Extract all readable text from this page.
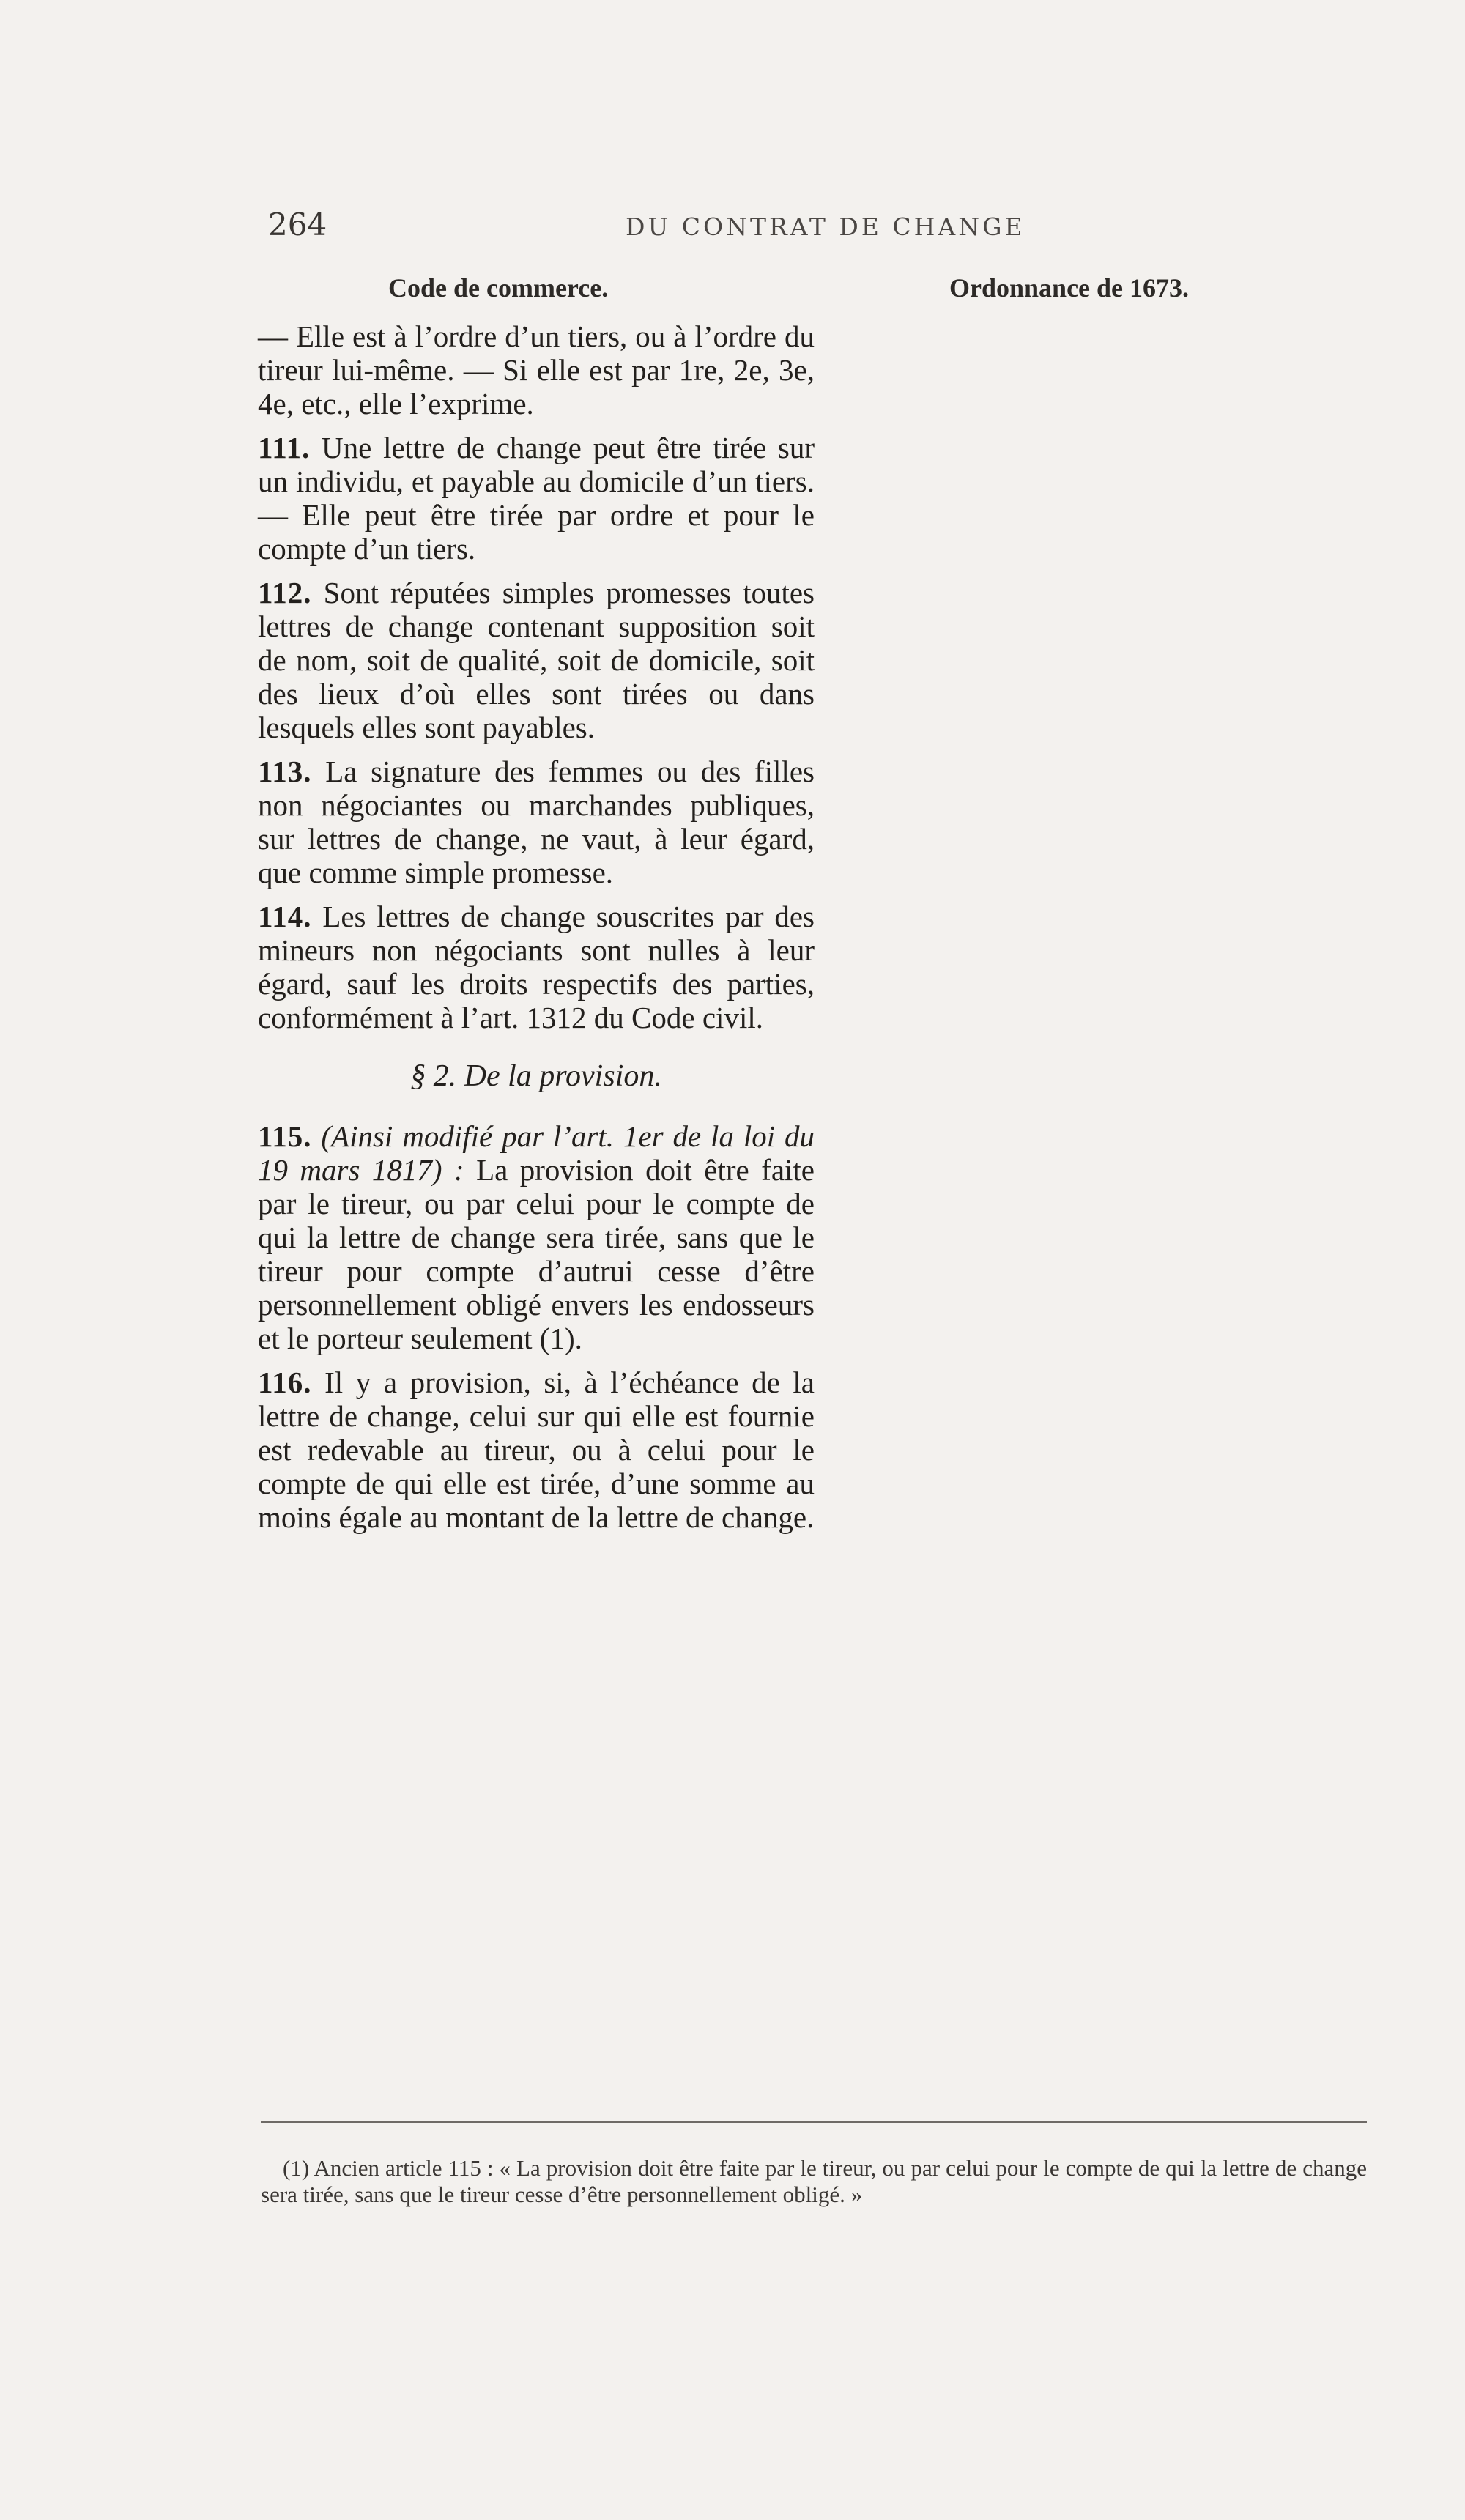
264	DU CONTRAT DE CHANGE
Code de commerce.	Ordonnance de 1673.

— Elle est à l’ordre d’un tiers, ou à l’ordre du tireur lui-même. — Si elle est par 1re, 2e, 3e, 4e, etc., elle l’exprime.

111. Une lettre de change peut être tirée sur un individu, et payable au domicile d’un tiers. — Elle peut être tirée par ordre et pour le compte d’un tiers.

112. Sont réputées simples promesses toutes lettres de change contenant supposition soit de nom, soit de qualité, soit de domicile, soit des lieux d’où elles sont tirées ou dans lesquels elles sont payables.

113. La signature des femmes ou des filles non négociantes ou marchandes publiques, sur lettres de change, ne vaut, à leur égard, que comme simple promesse.

114. Les lettres de change souscrites par des mineurs non négociants sont nulles à leur égard, sauf les droits respectifs des parties, conformément à l’art. 1312 du Code civil.

§ 2. De la provision.

115. (Ainsi modifié par l’art. 1er de la loi du 19 mars 1817) : La provision doit être faite par le tireur, ou par celui pour le compte de qui la lettre de change sera tirée, sans que le tireur pour compte d’autrui cesse d’être personnellement obligé envers les endosseurs et le porteur seulement (1).

116. Il y a provision, si, à l’échéance de la lettre de change, celui sur qui elle est fournie est redevable au tireur, ou à celui pour le compte de qui elle est tirée, d’une somme au moins égale au montant de la lettre de change.

(1) Ancien article 115 : « La provision doit être faite par le tireur, ou par celui pour le compte de qui la lettre de change sera tirée, sans que le tireur cesse d’être personnellement obligé. »
